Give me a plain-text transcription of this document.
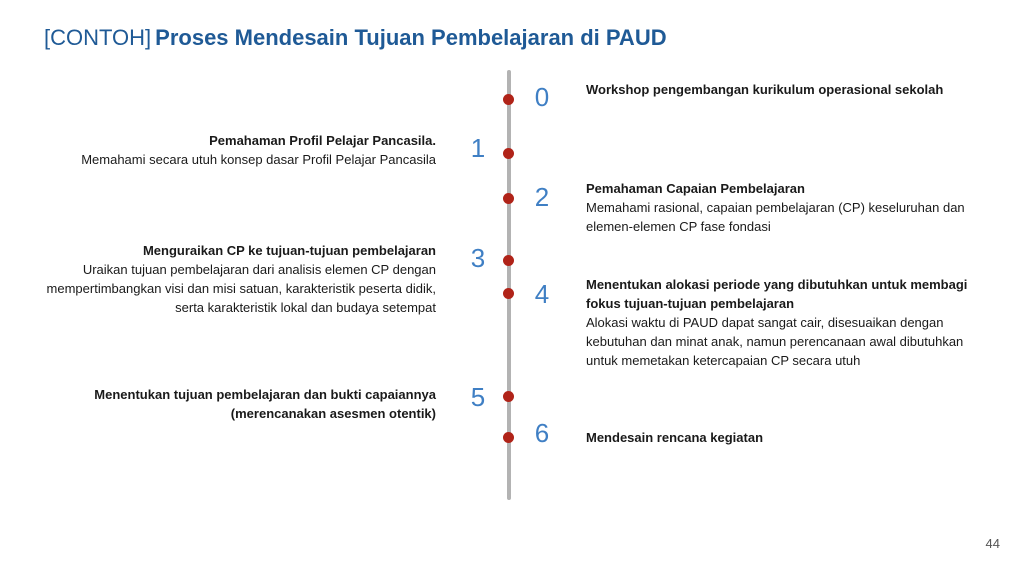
[CONTOH] Proses Mendesain Tujuan Pembelajaran di PAUD
0	Workshop pengembangan kurikulum operasional sekolah
1
Pemahaman Profil Pelajar Pancasila.
Memahami secara utuh konsep dasar Profil Pelajar Pancasila
2	Pemahaman Capaian Pembelajaran
Memahami rasional, capaian pembelajaran (CP) keseluruhan dan elemen-elemen CP fase fondasi
3
Menguraikan CP ke tujuan-tujuan pembelajaran
Uraikan tujuan pembelajaran dari analisis elemen CP dengan mempertimbangkan visi dan misi satuan, karakteristik peserta didik, serta karakteristik lokal dan budaya setempat	4	Menentukan alokasi periode yang dibutuhkan untuk membagi fokus tujuan-tujuan pembelajaran
Alokasi waktu di PAUD dapat sangat cair, disesuaikan dengan kebutuhan dan minat anak, namun perencanaan awal dibutuhkan untuk memetakan ketercapaian CP secara utuh
5
Menentukan tujuan pembelajaran dan bukti capaiannya (merencanakan asesmen otentik)
6	Mendesain rencana kegiatan
44
